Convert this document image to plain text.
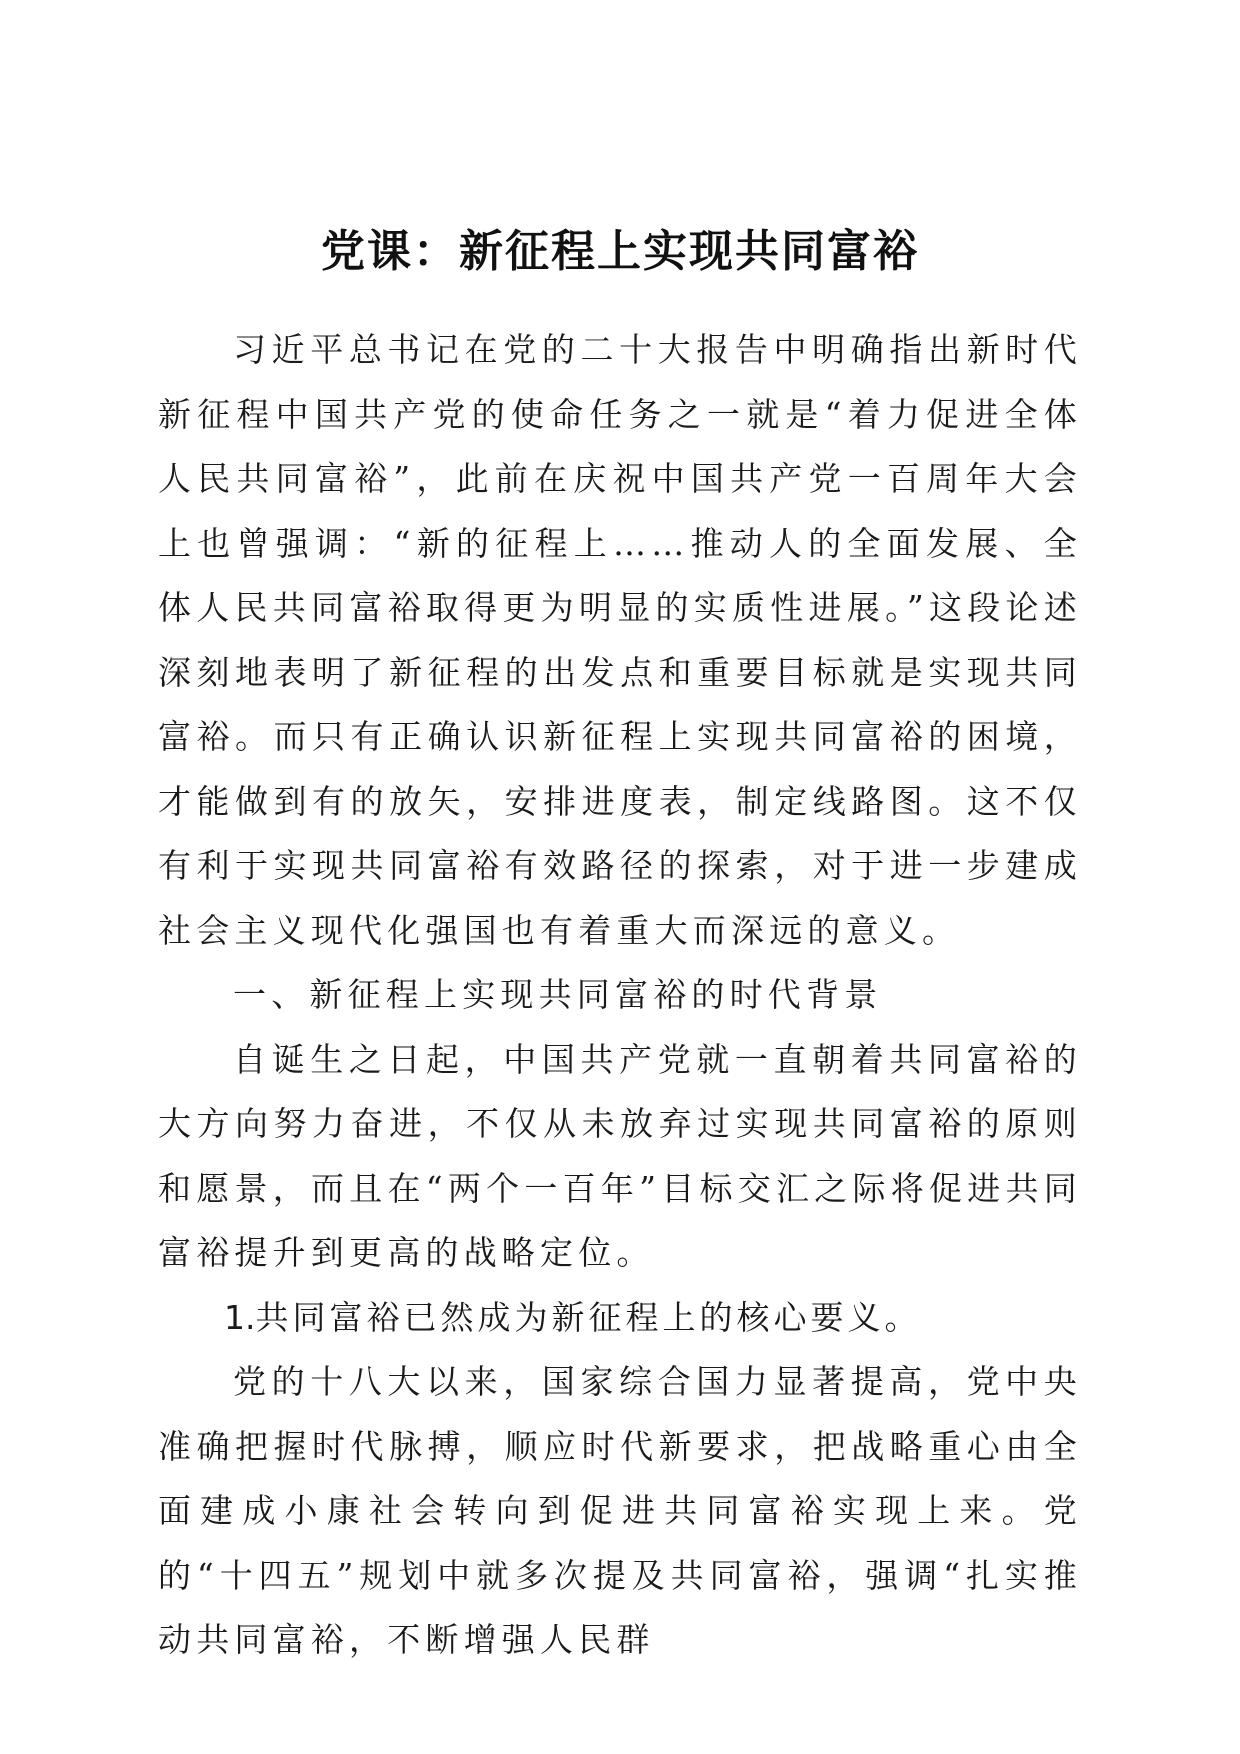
党课：新征程上实现共同富裕

习近平总书记在党的二十大报告中明确指出新时代新征程中国共产党的使命任务之一就是“着力促进全体人民共同富裕”，此前在庆祝中国共产党一百周年大会上也曾强调：“新的征程上……推动人的全面发展、全体人民共同富裕取得更为明显的实质性进展。”这段论述深刻地表明了新征程的出发点和重要目标就是实现共同富裕。而只有正确认识新征程上实现共同富裕的困境，才能做到有的放矢，安排进度表，制定线路图。这不仅有利于实现共同富裕有效路径的探索，对于进一步建成社会主义现代化强国也有着重大而深远的意义。

一、新征程上实现共同富裕的时代背景

自诞生之日起，中国共产党就一直朝着共同富裕的大方向努力奋进，不仅从未放弃过实现共同富裕的原则和愿景，而且在“两个一百年”目标交汇之际将促进共同富裕提升到更高的战略定位。

1.共同富裕已然成为新征程上的核心要义。

党的十八大以来，国家综合国力显著提高，党中央准确把握时代脉搏，顺应时代新要求，把战略重心由全面建成小康社会转向到促进共同富裕实现上来。党的“十四五”规划中就多次提及共同富裕，强调“扎实推动共同富裕，不断增强人民群
